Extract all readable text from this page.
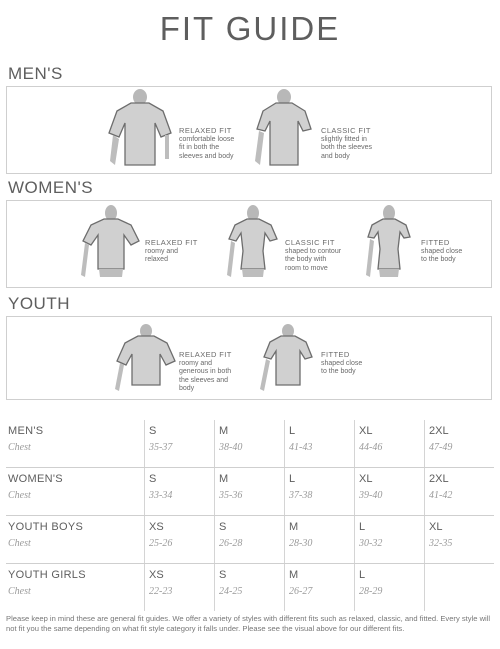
FIT GUIDE
MEN'S
RELAXED FIT
comfortable loose
fit in both the
sleeves and body
CLASSIC FIT
slightly fitted in
both the sleeves
and body
WOMEN'S
RELAXED FIT
roomy and
relaxed
CLASSIC FIT
shaped to contour
the body with
room to move
FITTED
shaped close
to the body
YOUTH
RELAXED FIT
roomy and
generous in both
the sleeves and
body
FITTED
shaped close
to the body
MEN'S
Chest
S
35-37
M
38-40
L
41-43
XL
44-46
2XL
47-49
WOMEN'S
Chest
S
33-34
M
35-36
L
37-38
XL
39-40
2XL
41-42
YOUTH BOYS
Chest
XS
25-26
S
26-28
M
28-30
L
30-32
XL
32-35
YOUTH GIRLS
Chest
XS
22-23
S
24-25
M
26-27
L
28-29
Please keep in mind these are general fit guides. We offer a variety of styles with different fits such as relaxed, classic, and fitted. Every style will not fit you the same depending on what fit style category it falls under. Please see the visual above for our different fits.
